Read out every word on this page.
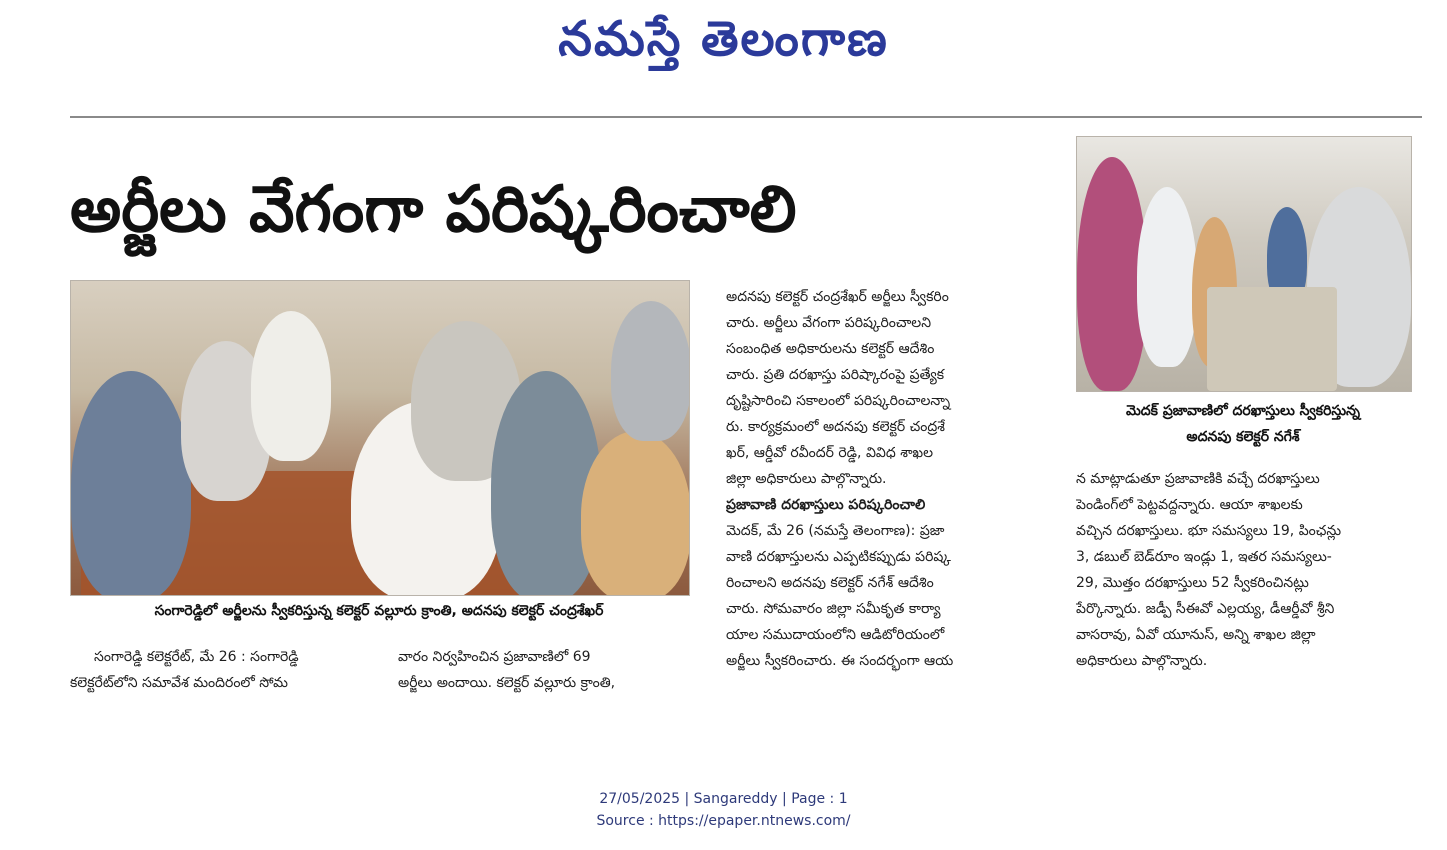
నమస్తే తెలంగాణ
అర్జీలు వేగంగా పరిష్కరించాలి
సంగారెడ్డిలో అర్జీలను స్వీకరిస్తున్న కలెక్టర్ వల్లూరు క్రాంతి, అదనపు కలెక్టర్ చంద్రశేఖర్

సంగారెడ్డి కలెక్టరేట్, మే 26 : సంగారెడ్డి

కలెక్టరేట్‌లోని సమావేశ మందిరంలో సోమ

వారం నిర్వహించిన ప్రజావాణిలో 69

అర్జీలు అందాయి. కలెక్టర్ వల్లూరు క్రాంతి,

అదనపు కలెక్టర్ చంద్రశేఖర్ అర్జీలు స్వీకరిం

చారు. అర్జీలు వేగంగా పరిష్కరించాలని

సంబంధిత అధికారులను కలెక్టర్ ఆదేశిం

చారు. ప్రతి దరఖాస్తు పరిష్కారంపై ప్రత్యేక

దృష్టిసారించి సకాలంలో పరిష్కరించాలన్నా

రు. కార్యక్రమంలో అదనపు కలెక్టర్ చంద్రశే

ఖర్, ఆర్డీవో రవీందర్ రెడ్డి, వివిధ శాఖల

జిల్లా అధికారులు పాల్గొన్నారు.

ప్రజావాణి దరఖాస్తులు పరిష్కరించాలి

మెదక్, మే 26 (నమస్తే తెలంగాణ): ప్రజా

వాణి దరఖాస్తులను ఎప్పటికప్పుడు పరిష్క

రించాలని అదనపు కలెక్టర్ నగేశ్ ఆదేశిం

చారు. సోమవారం జిల్లా సమీకృత కార్యా

యాల సముదాయంలోని ఆడిటోరియంలో

అర్జీలు స్వీకరించారు. ఈ సందర్భంగా ఆయ

మెదక్ ప్రజావాణిలో దరఖాస్తులు స్వీకరిస్తున్న
అదనపు కలెక్టర్ నగేశ్

న మాట్లాడుతూ ప్రజావాణికి వచ్చే దరఖాస్తులు

పెండింగ్‌లో పెట్టవద్దన్నారు. ఆయా శాఖలకు

వచ్చిన దరఖాస్తులు. భూ సమస్యలు 19, పింఛన్లు

3, డబుల్ బెడ్‌రూం ఇండ్లు 1, ఇతర సమస్యలు-

29, మొత్తం దరఖాస్తులు 52 స్వీకరించినట్లు

పేర్కొన్నారు. జడ్పీ సీఈవో ఎల్లయ్య, డీఆర్డీవో శ్రీని

వాసరావు, ఏవో యూనుస్, అన్ని శాఖల జిల్లా

అధికారులు పాల్గొన్నారు.

27/05/2025 | Sangareddy | Page : 1
Source : https://epaper.ntnews.com/
